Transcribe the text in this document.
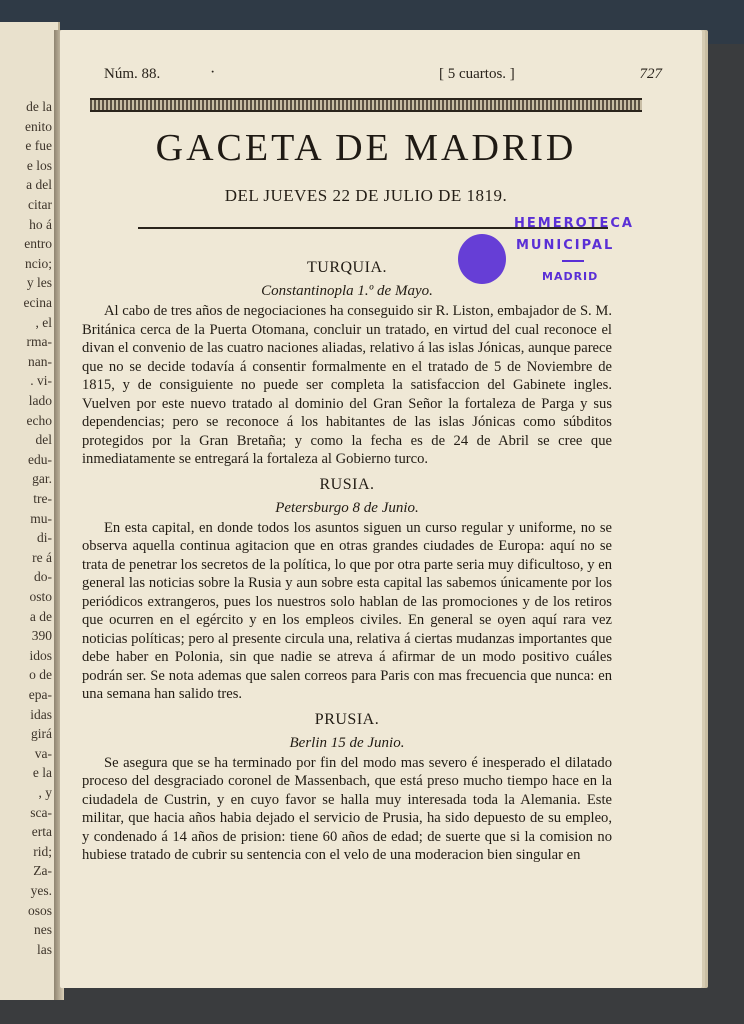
de la
enito
e fue
e los
a del
citar
ho á
entro
ncio;
y les
ecina
, el
rma-
nan-
. vi-
lado
echo
del
edu-
gar.
tre-
mu-
di-
re á
do-
osto
a de
390
idos
o de
epa-
idas
girá
va-
e la
, y
sca-
erta
rid;
Za-
yes.
osos
nes
las
Núm. 88.	·	[ 5 cuartos. ]	727
GACETA DE MADRID
DEL JUEVES 22 DE JULIO DE 1819.
HEMEROTECA
MUNICIPAL
MADRID

TURQUIA.

Constantinopla 1.º de Mayo.

Al cabo de tres años de negociaciones ha conseguido sir R. Liston, embajador de S. M. Británica cerca de la Puerta Otomana, concluir un tratado, en virtud del cual reconoce el divan el convenio de las cuatro naciones aliadas, relativo á las islas Jónicas, aunque parece que no se decide todavía á consentir formalmente en el tratado de 5 de Noviembre de 1815, y de consiguiente no puede ser completa la satisfaccion del Gabinete ingles. Vuelven por este nuevo tratado al dominio del Gran Señor la fortaleza de Parga y sus dependencias; pero se reconoce á los habitantes de las islas Jónicas como súbditos protegidos por la Gran Bretaña; y como la fecha es de 24 de Abril se cree que inmediatamente se entregará la fortaleza al Gobierno turco.

RUSIA.

Petersburgo 8 de Junio.

En esta capital, en donde todos los asuntos siguen un curso regular y uniforme, no se observa aquella continua agitacion que en otras grandes ciudades de Europa: aquí no se trata de penetrar los secretos de la política, lo que por otra parte seria muy dificultoso, y en general las noticias sobre la Rusia y aun sobre esta capital las sabemos únicamente por los periódicos extrangeros, pues los nuestros solo hablan de las promociones y de los retiros que ocurren en el egército y en los empleos civiles. En general se oyen aquí rara vez noticias políticas; pero al presente circula una, relativa á ciertas mudanzas importantes que debe haber en Polonia, sin que nadie se atreva á afirmar de un modo positivo cuáles podrán ser. Se nota ademas que salen correos para Paris con mas frecuencia que nunca: en una semana han salido tres.

PRUSIA.

Berlin 15 de Junio.

Se asegura que se ha terminado por fin del modo mas severo é inesperado el dilatado proceso del desgraciado coronel de Massenbach, que está preso mucho tiempo hace en la ciudadela de Custrin, y en cuyo favor se halla muy interesada toda la Alemania. Este militar, que hacia años habia dejado el servicio de Prusia, ha sido depuesto de su empleo, y condenado á 14 años de prision: tiene 60 años de edad; de suerte que si la comision no hubiese tratado de cubrir su sentencia con el velo de una moderacion bien singular en
